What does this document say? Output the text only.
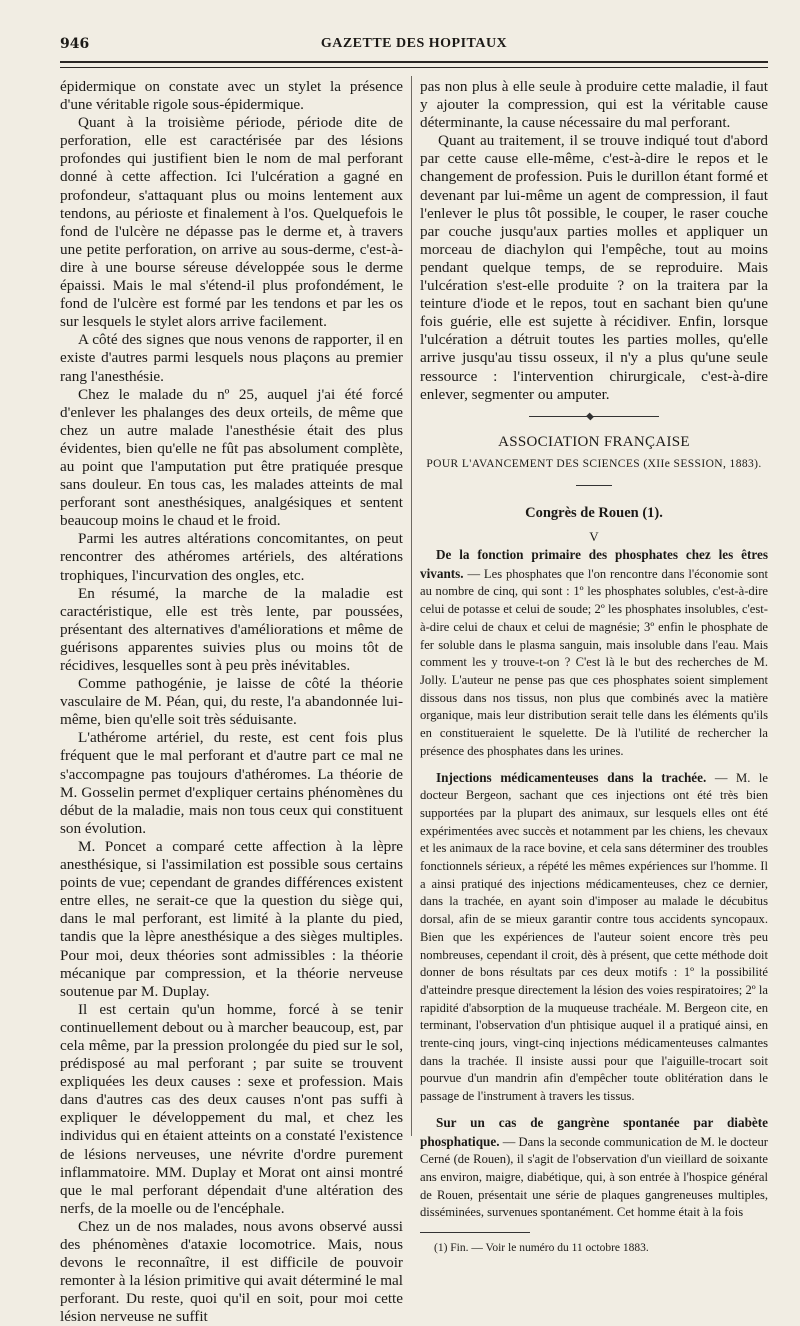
946	GAZETTE DES HOPITAUX

épidermique on constate avec un stylet la présence d'une véritable rigole sous-épidermique.

Quant à la troisième période, période dite de perforation, elle est caractérisée par des lésions profondes qui justifient bien le nom de mal perforant donné à cette affection. Ici l'ulcération a gagné en profondeur, s'attaquant plus ou moins lentement aux tendons, au périoste et finalement à l'os. Quelquefois le fond de l'ulcère ne dépasse pas le derme et, à travers une petite perforation, on arrive au sous-derme, c'est-à-dire à une bourse séreuse développée sous le derme épaissi. Mais le mal s'étend-il plus profondément, le fond de l'ulcère est formé par les tendons et par les os sur lesquels le stylet alors arrive facilement.

A côté des signes que nous venons de rapporter, il en existe d'autres parmi lesquels nous plaçons au premier rang l'anesthésie.

Chez le malade du nº 25, auquel j'ai été forcé d'enlever les phalanges des deux orteils, de même que chez un autre malade l'anesthésie était des plus évidentes, bien qu'elle ne fût pas absolument complète, au point que l'amputation put être pratiquée presque sans douleur. En tous cas, les malades atteints de mal perforant sont anesthésiques, analgésiques et sentent beaucoup moins le chaud et le froid.

Parmi les autres altérations concomitantes, on peut rencontrer des athéromes artériels, des altérations trophiques, l'incurvation des ongles, etc.

En résumé, la marche de la maladie est caractéristique, elle est très lente, par poussées, présentant des alternatives d'améliorations et même de guérisons apparentes suivies plus ou moins tôt de récidives, lesquelles sont à peu près inévitables.

Comme pathogénie, je laisse de côté la théorie vasculaire de M. Péan, qui, du reste, l'a abandonnée lui-même, bien qu'elle soit très séduisante.

L'athérome artériel, du reste, est cent fois plus fréquent que le mal perforant et d'autre part ce mal ne s'accompagne pas toujours d'athéromes. La théorie de M. Gosselin permet d'expliquer certains phénomènes du début de la maladie, mais non tous ceux qui constituent son évolution.

M. Poncet a comparé cette affection à la lèpre anesthésique, si l'assimilation est possible sous certains points de vue; cependant de grandes différences existent entre elles, ne serait-ce que la question du siège qui, dans le mal perforant, est limité à la plante du pied, tandis que la lèpre anesthésique a des sièges multiples. Pour moi, deux théories sont admissibles : la théorie mécanique par compression, et la théorie nerveuse soutenue par M. Duplay.

Il est certain qu'un homme, forcé à se tenir continuellement debout ou à marcher beaucoup, est, par cela même, par la pression prolongée du pied sur le sol, prédisposé au mal perforant ; par suite se trouvent expliquées les deux causes : sexe et profession. Mais dans d'autres cas des deux causes n'ont pas suffi à expliquer le développement du mal, et chez les individus qui en étaient atteints on a constaté l'existence de lésions nerveuses, une névrite d'ordre purement inflammatoire. MM. Duplay et Morat ont ainsi montré que le mal perforant dépendait d'une altération des nerfs, de la moelle ou de l'encéphale.

Chez un de nos malades, nous avons observé aussi des phénomènes d'ataxie locomotrice. Mais, nous devons le reconnaître, il est difficile de pouvoir remonter à la lésion primitive qui avait déterminé le mal perforant. Du reste, quoi qu'il en soit, pour moi cette lésion nerveuse ne suffit

pas non plus à elle seule à produire cette maladie, il faut y ajouter la compression, qui est la véritable cause déterminante, la cause nécessaire du mal perforant.

Quant au traitement, il se trouve indiqué tout d'abord par cette cause elle-même, c'est-à-dire le repos et le changement de profession. Puis le durillon étant formé et devenant par lui-même un agent de compression, il faut l'enlever le plus tôt possible, le couper, le raser couche par couche jusqu'aux parties molles et appliquer un morceau de diachylon qui l'empêche, tout au moins pendant quelque temps, de se reproduire. Mais l'ulcération s'est-elle produite ? on la traitera par la teinture d'iode et le repos, tout en sachant bien qu'une fois guérie, elle est sujette à récidiver. Enfin, lorsque l'ulcération a détruit toutes les parties molles, qu'elle arrive jusqu'au tissu osseux, il n'y a plus qu'une seule ressource : l'intervention chirurgicale, c'est-à-dire enlever, segmenter ou amputer.

ASSOCIATION FRANÇAISE
POUR L'AVANCEMENT DES SCIENCES (XIIe SESSION, 1883).
Congrès de Rouen (1).
V

De la fonction primaire des phosphates chez les êtres vivants. — Les phosphates que l'on rencontre dans l'économie sont au nombre de cinq, qui sont : 1º les phosphates solubles, c'est-à-dire celui de potasse et celui de soude; 2º les phosphates insolubles, c'est-à-dire celui de chaux et celui de magnésie; 3º enfin le phosphate de fer soluble dans le plasma sanguin, mais insoluble dans l'eau. Mais comment les y trouve-t-on ? C'est là le but des recherches de M. Jolly. L'auteur ne pense pas que ces phosphates soient simplement dissous dans nos tissus, non plus que combinés avec la matière organique, mais leur distribution serait telle dans les éléments qu'ils en constitueraient le squelette. De là l'utilité de rechercher la présence des phosphates dans les urines.

Injections médicamenteuses dans la trachée. — M. le docteur Bergeon, sachant que ces injections ont été très bien supportées par la plupart des animaux, sur lesquels elles ont été expérimentées avec succès et notamment par les chiens, les chevaux et les animaux de la race bovine, et cela sans déterminer des troubles fonctionnels sérieux, a répété les mêmes expériences sur l'homme. Il a ainsi pratiqué des injections médicamenteuses, chez ce dernier, dans la trachée, en ayant soin d'imposer au malade le décubitus dorsal, afin de se mieux garantir contre tous accidents syncopaux. Bien que les expériences de l'auteur soient encore très peu nombreuses, cependant il croit, dès à présent, que cette méthode doit donner de bons résultats par ces deux motifs : 1º la possibilité d'atteindre presque directement la lésion des voies respiratoires; 2º la rapidité d'absorption de la muqueuse trachéale. M. Bergeon cite, en terminant, l'observation d'un phtisique auquel il a pratiqué ainsi, en trente-cinq jours, vingt-cinq injections médicamenteuses calmantes dans la trachée. Il insiste aussi pour que l'aiguille-trocart soit pourvue d'un mandrin afin d'empêcher toute oblitération dans le passage de l'instrument à travers les tissus.

Sur un cas de gangrène spontanée par diabète phosphatique. — Dans la seconde communication de M. le docteur Cerné (de Rouen), il s'agit de l'observation d'un vieillard de soixante ans environ, maigre, diabétique, qui, à son entrée à l'hospice général de Rouen, présentait une série de plaques gangreneuses multiples, disséminées, survenues spontanément. Cet homme était à la fois

(1) Fin. — Voir le numéro du 11 octobre 1883.
